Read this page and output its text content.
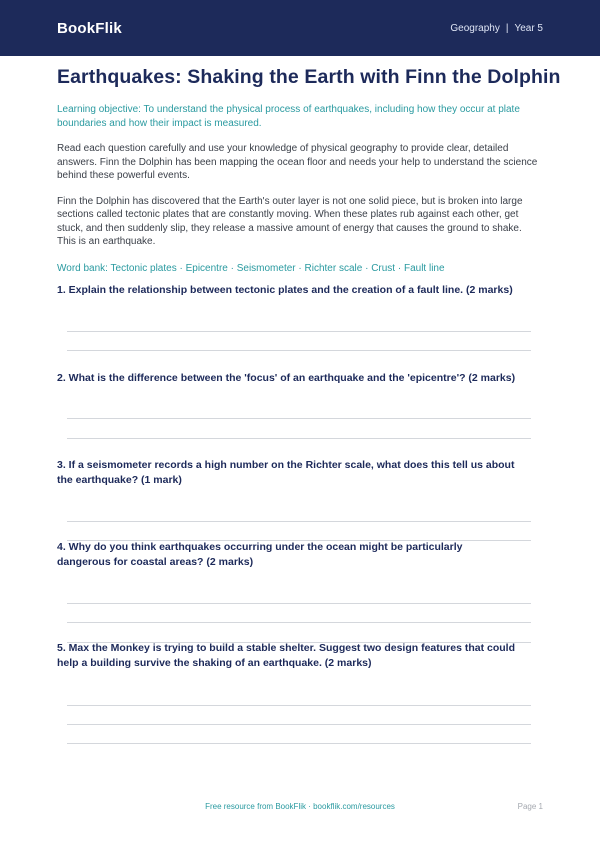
BookFlik	Geography | Year 5
Earthquakes: Shaking the Earth with Finn the Dolphin
Learning objective: To understand the physical process of earthquakes, including how they occur at plate boundaries and how their impact is measured.
Read each question carefully and use your knowledge of physical geography to provide clear, detailed answers. Finn the Dolphin has been mapping the ocean floor and needs your help to understand the science behind these powerful events.
Finn the Dolphin has discovered that the Earth's outer layer is not one solid piece, but is broken into large sections called tectonic plates that are constantly moving. When these plates rub against each other, get stuck, and then suddenly slip, they release a massive amount of energy that causes the ground to shake. This is an earthquake.
Word bank: Tectonic plates · Epicentre · Seismometer · Richter scale · Crust · Fault line
1. Explain the relationship between tectonic plates and the creation of a fault line. (2 marks)
2. What is the difference between the 'focus' of an earthquake and the 'epicentre'? (2 marks)
3. If a seismometer records a high number on the Richter scale, what does this tell us about
the earthquake? (1 mark)
4. Why do you think earthquakes occurring under the ocean might be particularly
dangerous for coastal areas? (2 marks)
5. Max the Monkey is trying to build a stable shelter. Suggest two design features that could
help a building survive the shaking of an earthquake. (2 marks)
Free resource from BookFlik · bookflik.com/resources	Page 1
